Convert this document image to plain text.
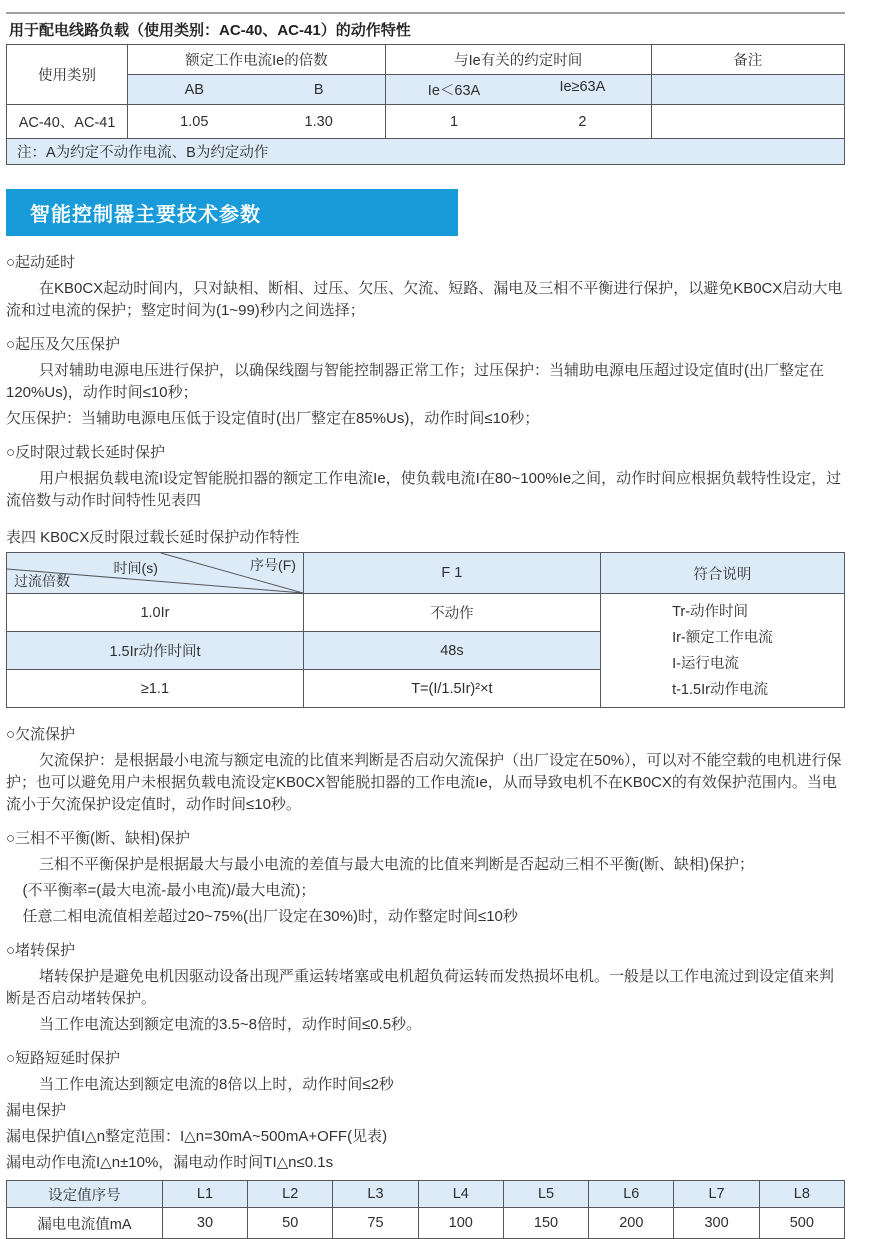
用于配电线路负载（使用类别：AC-40、AC-41）的动作特性
使用类别	额定工作电流Ie的倍数	与Ie有关的约定时间	备注

	AB B	Ie＜63A Ie≥63A	

AC-40、AC-41	1.05 1.30	1 2	

注：A为约定不动作电流、B为约定动作			
智能控制器主要技术参数
○起动延时
在KB0CX起动时间内，只对缺相、断相、过压、欠压、欠流、短路、漏电及三相不平衡进行保护，以避免KB0CX启动大电流和过电流的保护；整定时间为(1~99)秒内之间选择；
○起压及欠压保护
只对辅助电源电压进行保护，以确保线圈与智能控制器正常工作；过压保护：当辅助电源电压超过设定值时(出厂整定在120%Us)，动作时间≤10秒；
欠压保护：当辅助电源电压低于设定值时(出厂整定在85%Us)，动作时间≤10秒；
○反时限过载长延时保护
用户根据负载电流I设定智能脱扣器的额定工作电流Ie，使负载电流I在80~100%Ie之间，动作时间应根据负载特性设定，过流倍数与动作时间特性见表四
表四 KB0CX反时限过载长延时保护动作特性
时间(s) 序号(F)
过流倍数	F 1	符合说明
1.0Ir	不动作	Tr-动作时间
Ir-额定工作电流
I-运行电流
t-1.5Ir动作电流

1.5Ir动作时间t	48s	
≥1.1	T=(I/1.5Ir)²×t	
○欠流保护
欠流保护：是根据最小电流与额定电流的比值来判断是否启动欠流保护（出厂设定在50%），可以对不能空载的电机进行保护；也可以避免用户未根据负载电流设定KB0CX智能脱扣器的工作电流Ie，从而导致电机不在KB0CX的有效保护范围内。当电流小于欠流保护设定值时，动作时间≤10秒。
○三相不平衡(断、缺相)保护
三相不平衡保护是根据最大与最小电流的差值与最大电流的比值来判断是否起动三相不平衡(断、缺相)保护；
(不平衡率=(最大电流-最小电流)/最大电流)；
任意二相电流值相差超过20~75%(出厂设定在30%)时，动作整定时间≤10秒
○堵转保护
堵转保护是避免电机因驱动设备出现严重运转堵塞或电机超负荷运转而发热损坏电机。一般是以工作电流过到设定值来判断是否启动堵转保护。
当工作电流达到额定电流的3.5~8倍时，动作时间≤0.5秒。
○短路短延时保护
当工作电流达到额定电流的8倍以上时，动作时间≤2秒
漏电保护
漏电保护值I△n整定范围：I△n=30mA~500mA+OFF(见表)
漏电动作电流I△n±10%，漏电动作时间TI△n≤0.1s
设定值序号	L1	L2	L3	L4	L5	L6	L7	L8
漏电电流值mA	30	50	75	100	150	200	300	500
